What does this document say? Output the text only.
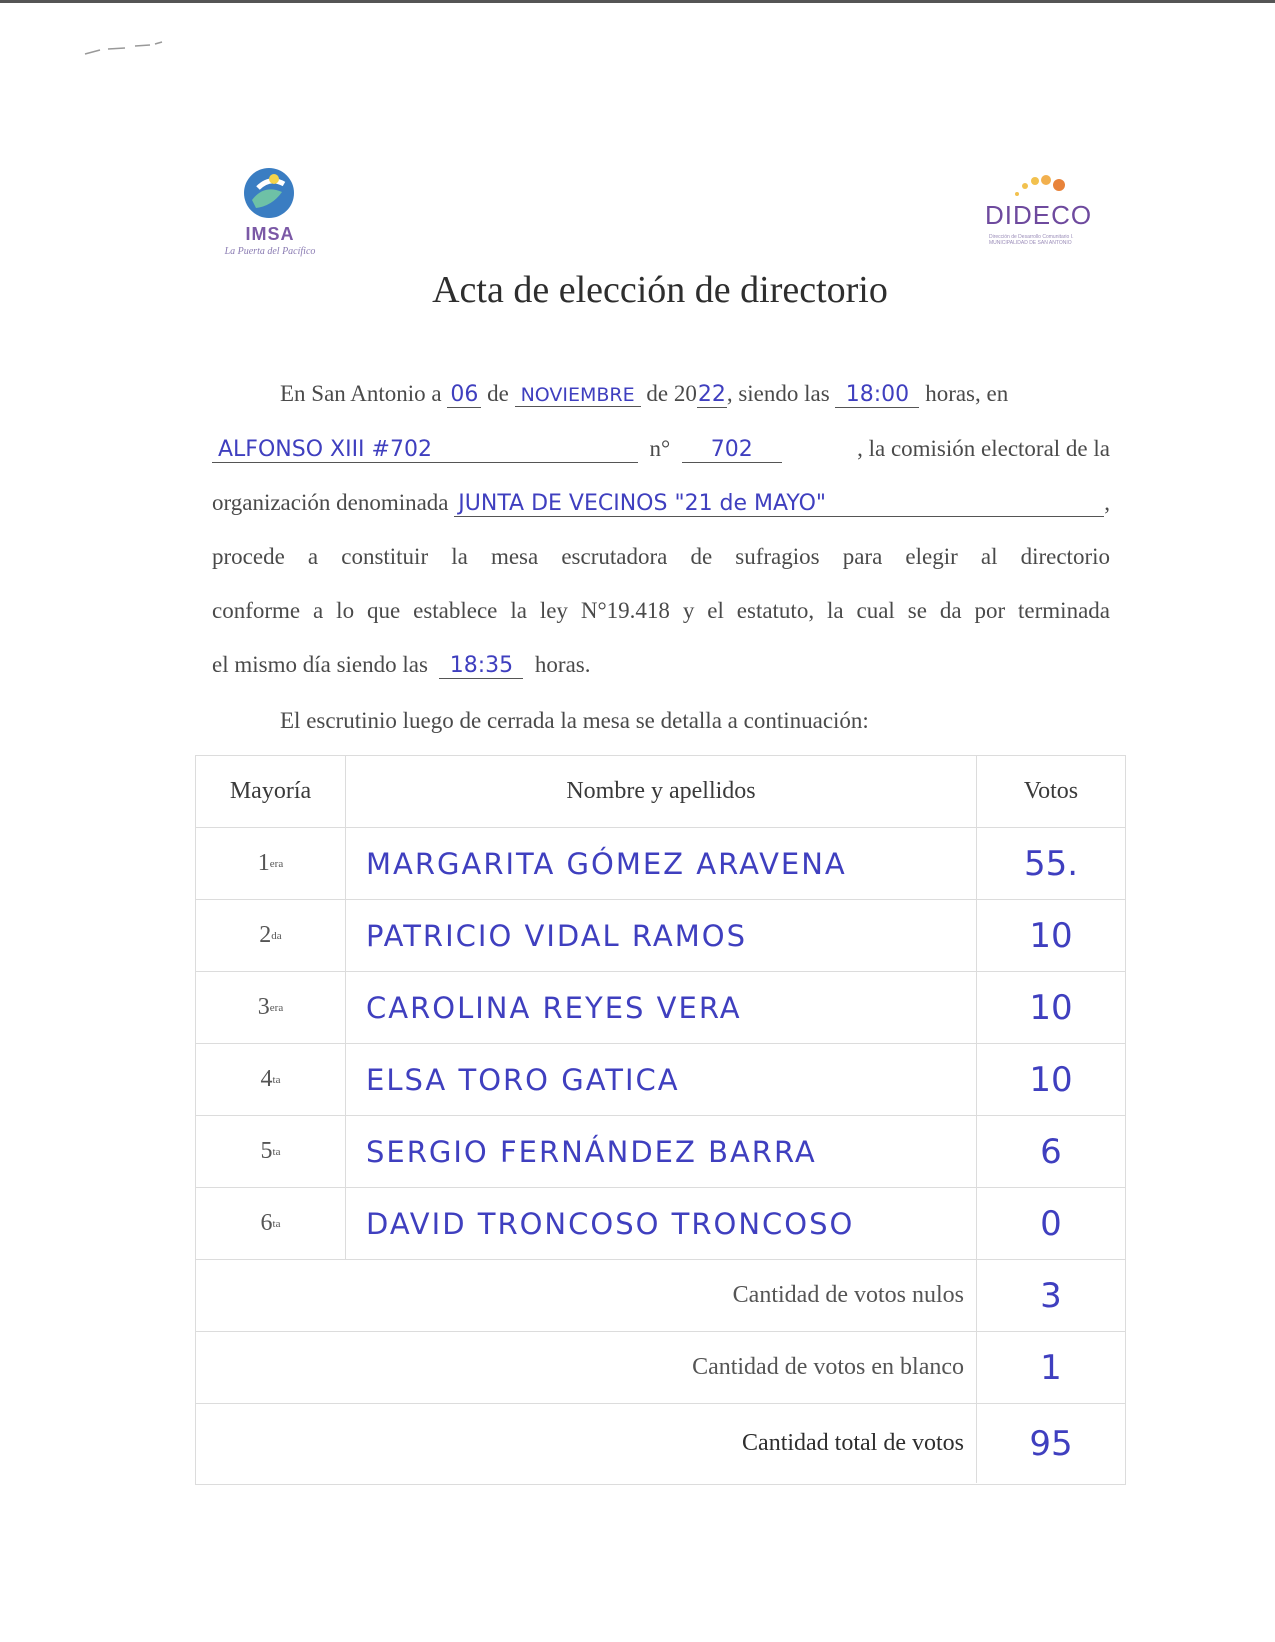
IMSA
La Puerta del Pacífico
DIDECO
Dirección de Desarrollo Comunitario I. MUNICIPALIDAD DE SAN ANTONIO
Acta de elección de directorio
En San Antonio a
06
de
NOVIEMBRE
de 20 22 , siendo las
18:00
horas, en
ALFONSO XIII #702
	n°
	702	, la comisión electoral de la
organización denominada
JUNTA DE VECINOS "21 de MAYO"	,
procede a constituir la mesa escrutadora de sufragios para elegir al directorio
conforme a lo que establece la ley N°19.418 y el estatuto, la cual se da por terminada
el mismo día siendo las 18:35 horas.
El escrutinio luego de cerrada la mesa se detalla a continuación:
Mayoría	Nombre y apellidos	Votos
1 era	MARGARITA GÓMEZ ARAVENA	55.
2 da	PATRICIO VIDAL RAMOS	10
3 era	CAROLINA REYES VERA	10
4 ta	ELSA TORO GATICA	10
5 ta	SERGIO FERNÁNDEZ BARRA	6
6 ta	DAVID TRONCOSO TRONCOSO	0
Cantidad de votos nulos	3
Cantidad de votos en blanco	1
Cantidad total de votos	95
